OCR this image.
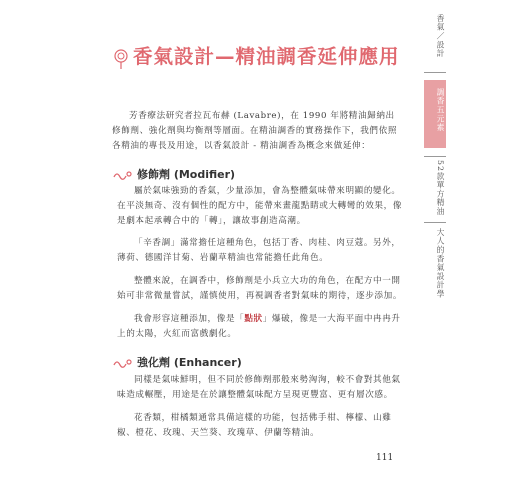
香氣設計—精油調香延伸應用

芳香療法研究者拉瓦布赫 (Lavabre)，在 1990 年將精油歸納出修飾劑、強化劑與均衡劑等層面。在精油調香的實務操作下，我們依照各精油的專長及用途，以香氣設計 - 精油調香為概念來做延伸：

修飾劑 (Modifier)

屬於氣味強勁的香氣，少量添加，會為整體氣味帶來明顯的變化。在平淡無奇、沒有個性的配方中，能帶來畫龍點睛或大轉彎的效果，像是劇本起承轉合中的「轉」，讓故事創造高潮。

「辛香調」滿常擔任這種角色，包括丁香、肉桂、肉豆蔻。另外，薄荷、德國洋甘菊、岩蘭草精油也常能擔任此角色。

整體來說，在調香中，修飾劑是小兵立大功的角色，在配方中一開始可非常微量嘗試，謹慎使用，再視調香者對氣味的期待，逐步添加。

我會形容這種添加，像是「點狀」爆破，像是一大海平面中冉冉升上的太陽，火紅而富戲劇化。

強化劑 (Enhancer)

同樣是氣味鮮明，但不同於修飾劑那般來勢洶洶，較不會對其他氣味造成輾壓，用途是在於讓整體氣味配方呈現更豐富、更有層次感。

花香類，柑橘類通常具備這樣的功能，包括佛手柑、檸檬、山雞椒、橙花、玫瑰、天竺葵、玫瑰草、伊蘭等精油。

111
香氣／設計
調香五元素
52款單方精油
大人的香氣設計學
